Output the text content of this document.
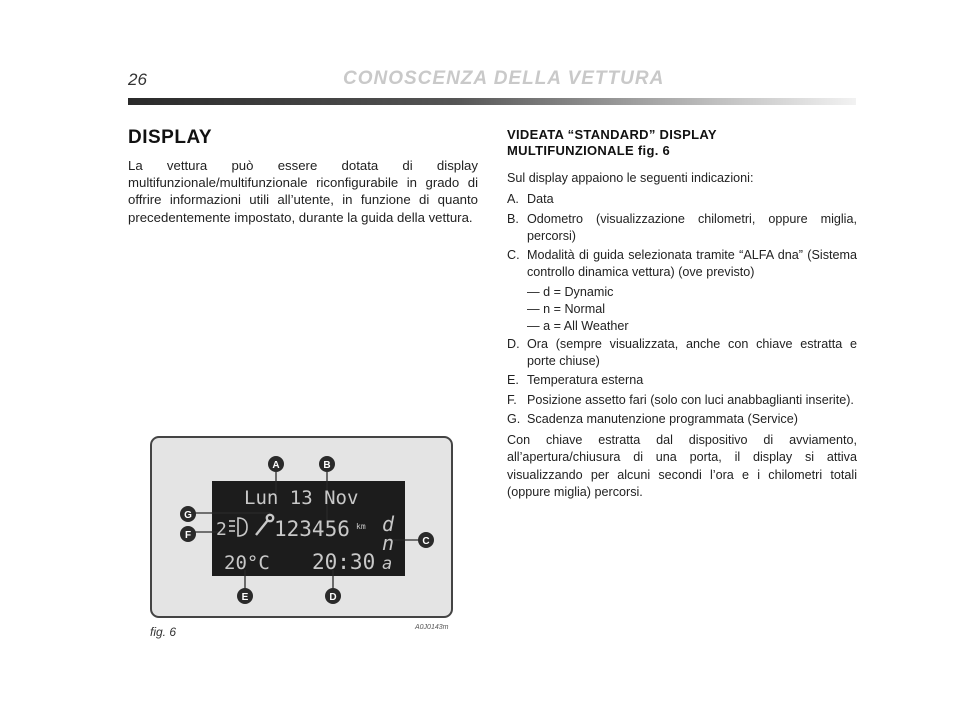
26	CONOSCENZA DELLA VETTURA
DISPLAY
La vettura può essere dotata di display multifunzionale/multifunzionale riconfigurabile in grado di offrire informazioni utili all’utente, in funzione di quanto precedentemente impostato, durante la guida della vettura.
VIDEATA “STANDARD” DISPLAY
MULTIFUNZIONALE fig. 6
Sul display appaiono le seguenti indicazioni:
A. Data
B. Odometro (visualizzazione chilometri, oppure miglia, percorsi)
C. Modalità di guida selezionata tramite “ALFA dna” (Sistema controllo dinamica vettura) (ove previsto)
— d = Dynamic
— n = Normal
— a = All Weather
D. Ora (sempre visualizzata, anche con chiave estratta e porte chiuse)
E. Temperatura esterna
F. Posizione assetto fari (solo con luci anabbaglianti inserite).
G. Scadenza manutenzione programmata (Service)
Con chiave estratta dal dispositivo di avviamento, all’apertura/chiusura di una porta, il display si attiva visualizzando per alcuni secondi l’ora e i chilometri totali (oppure miglia) percorsi.
Lun 13 Nov
2 123456 km d
n
a
20°C 20:30
A	B
C
D
E
F
G
fig. 6	A0J0143m
